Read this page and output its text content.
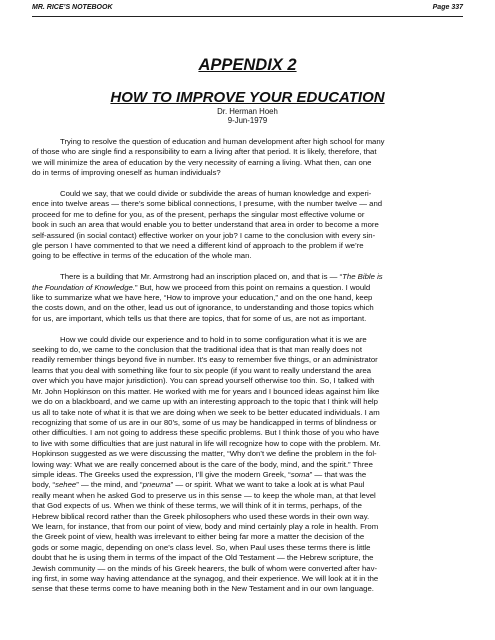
MR. RICE’S NOTEBOOK	Page 337
APPENDIX 2
HOW TO IMPROVE YOUR EDUCATION
Dr. Herman Hoeh
9-Jun-1979

Trying to resolve the question of education and human development after high school for many
of those who are single find a responsibility to earn a living after that period. It is likely, therefore, that
we will minimize the area of education by the very necessity of earning a living. What then, can one
do in terms of improving oneself as human individuals?

Could we say, that we could divide or subdivide the areas of human knowledge and experi-
ence into twelve areas — there’s some biblical connections, I presume, with the number twelve — and
proceed for me to define for you, as of the present, perhaps the singular most effective volume or
book in such an area that would enable you to better understand that area in order to become a more
self-assured (in social contact) effective worker on your job? I came to the conclusion with every sin-
gle person I have commented to that we need a different kind of approach to the problem if we’re
going to be effective in terms of the education of the whole man.

There is a building that Mr. Armstrong had an inscription placed on, and that is — “The Bible is
the Foundation of Knowledge.” But, how we proceed from this point on remains a question. I would
like to summarize what we have here, “How to improve your education,” and on the one hand, keep
the costs down, and on the other, lead us out of ignorance, to understanding and those topics which
for us, are important, which tells us that there are topics, that for some of us, are not as important.

How we could divide our experience and to hold in to some configuration what it is we are
seeking to do, we came to the conclusion that the traditional idea that is that man really does not
readily remember things beyond five in number. It’s easy to remember five things, or an administrator
learns that you deal with something like four to six people (if you want to really understand the area
over which you have major jurisdiction). You can spread yourself otherwise too thin. So, I talked with
Mr. John Hopkinson on this matter. He worked with me for years and I bounced ideas against him like
we do on a blackboard, and we came up with an interesting approach to the topic that I think will help
us all to take note of what it is that we are doing when we seek to be better educated individuals. I am
recognizing that some of us are in our 80’s, some of us may be handicapped in terms of blindness or
other difficulties. I am not going to address these specific problems. But I think those of you who have
to live with some difficulties that are just natural in life will recognize how to cope with the problem. Mr.
Hopkinson suggested as we were discussing the matter, “Why don’t we define the problem in the fol-
lowing way: What we are really concerned about is the care of the body, mind, and the spirit.” Three
simple ideas. The Greeks used the expression, I’ll give the modern Greek, “soma” — that was the
body, “sehee” — the mind, and “pneuma” — or spirit. What we want to take a look at is what Paul
really meant when he asked God to preserve us in this sense — to keep the whole man, at that level
that God expects of us. When we think of these terms, we will think of it in terms, perhaps, of the
Hebrew biblical record rather than the Greek philosophers who used these words in their own way.
We learn, for instance, that from our point of view, body and mind certainly play a role in health. From
the Greek point of view, health was irrelevant to either being far more a matter the decision of the
gods or some magic, depending on one’s class level. So, when Paul uses these terms there is little
doubt that he is using them in terms of the impact of the Old Testament — the Hebrew scripture, the
Jewish community — on the minds of his Greek hearers, the bulk of whom were converted after hav-
ing first, in some way having attendance at the synagog, and their experience. We will look at it in the
sense that these terms come to have meaning both in the New Testament and in our own language.
